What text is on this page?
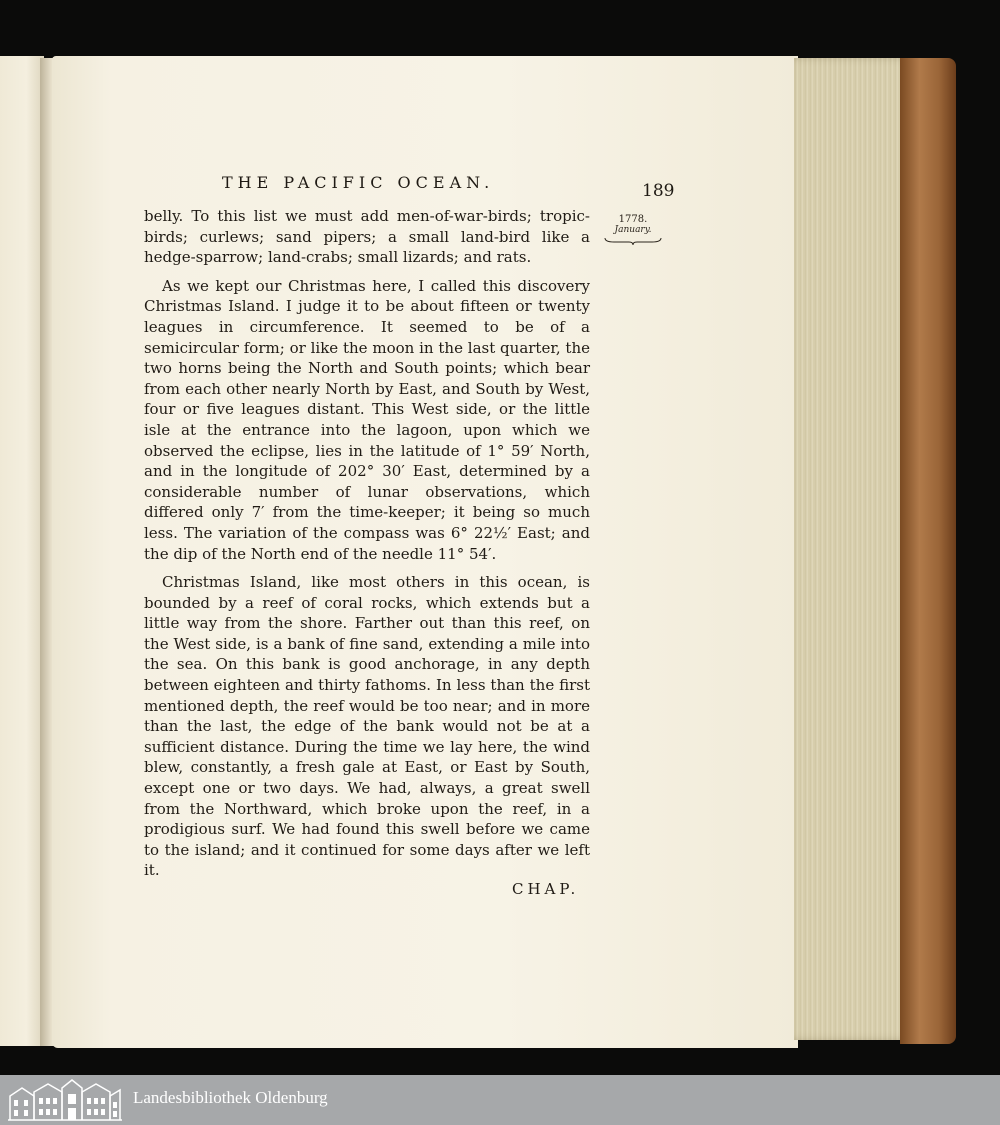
THE PACIFIC OCEAN.	189
1778.
January.

belly. To this list we must add men-of-war-birds; tropic-birds; curlews; sand pipers; a small land-bird like a hedge-sparrow; land-crabs; small lizards; and rats.

As we kept our Christmas here, I called this discovery Christmas Island. I judge it to be about fifteen or twenty leagues in circumference. It seemed to be of a semicircular form; or like the moon in the last quarter, the two horns being the North and South points; which bear from each other nearly North by East, and South by West, four or five leagues distant. This West side, or the little isle at the entrance into the lagoon, upon which we observed the eclipse, lies in the latitude of 1° 59′ North, and in the longitude of 202° 30′ East, determined by a considerable number of lunar observations, which differed only 7′ from the time-keeper; it being so much less. The variation of the compass was 6° 22½′ East; and the dip of the North end of the needle 11° 54′.

Christmas Island, like most others in this ocean, is bounded by a reef of coral rocks, which extends but a little way from the shore. Farther out than this reef, on the West side, is a bank of fine sand, extending a mile into the sea. On this bank is good anchorage, in any depth between eighteen and thirty fathoms. In less than the first mentioned depth, the reef would be too near; and in more than the last, the edge of the bank would not be at a sufficient distance. During the time we lay here, the wind blew, constantly, a fresh gale at East, or East by South, except one or two days. We had, always, a great swell from the Northward, which broke upon the reef, in a prodigious surf. We had found this swell before we came to the island; and it continued for some days after we left it.

CHAP.
Landesbibliothek Oldenburg
